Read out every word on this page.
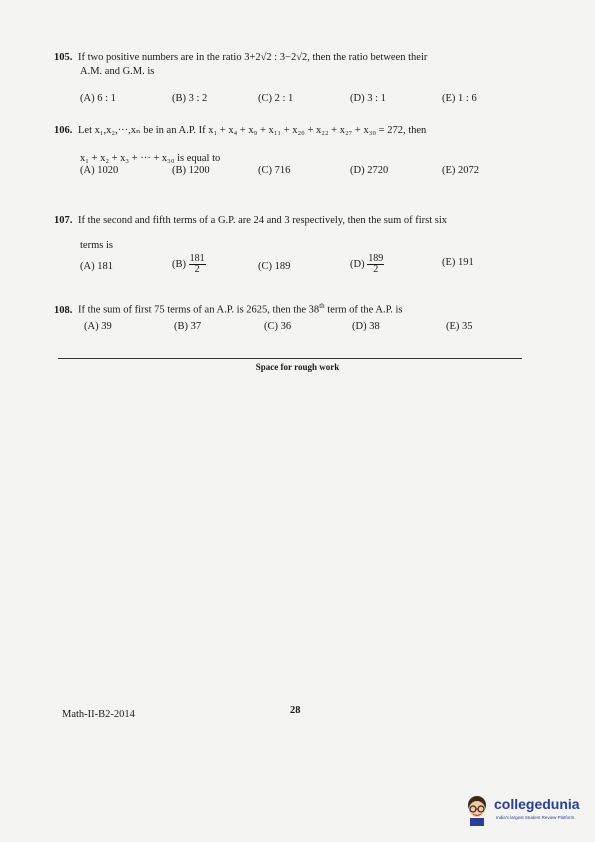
105. If two positive numbers are in the ratio 3+2√2 : 3−2√2, then the ratio between their
A.M. and G.M. is
(A) 6 : 1	(B) 3 : 2	(C) 2 : 1	(D) 3 : 1	(E) 1 : 6
106. Let x₁,x₂,···,xₙ be in an A.P. If x₁ + x₄ + x₉ + x₁₁ + x₂₀ + x₂₂ + x₂₇ + x₃₀ = 272, then
x₁ + x₂ + x₃ + ··· + x₃₀ is equal to
(A) 1020	(B) 1200	(C) 716	(D) 2720	(E) 2072
107. If the second and fifth terms of a G.P. are 24 and 3 respectively, then the sum of first six
terms is
(A) 181	$(B) \frac{181}{2}$	(C) 189	$(D) \frac{189}{2}$	(E) 191
108. If the sum of first 75 terms of an A.P. is 2625, then the 38th term of the A.P. is
(A) 39	(B) 37	(C) 36	(D) 38	(E) 35
Space for rough work
Math-II-B2-2014	28
collegedunia
India's largest Student Review Platform
